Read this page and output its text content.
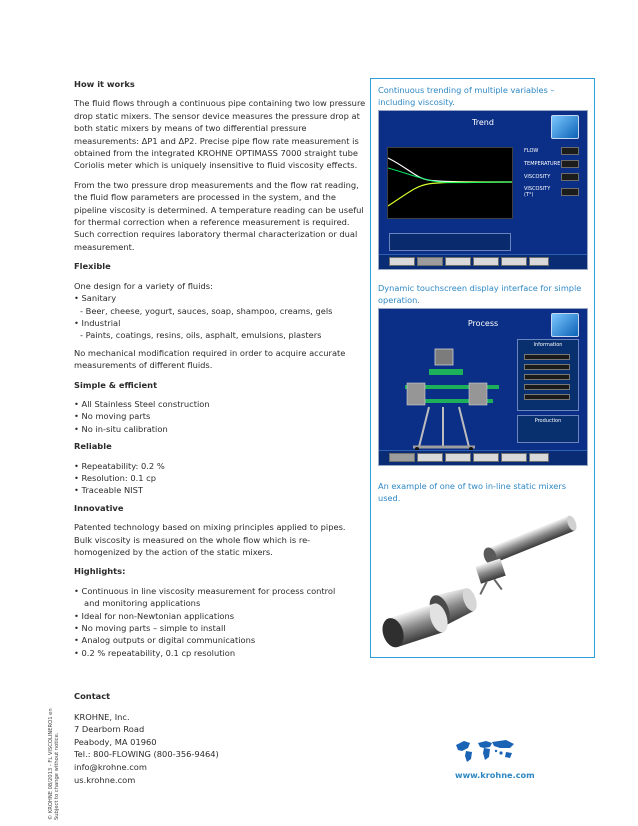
How it works
The fluid flows through a continuous pipe containing two low pressure drop static mixers. The sensor device measures the pressure drop at both static mixers by means of two differential pressure measurements: ΔP1 and ΔP2. Precise pipe flow rate measurement is obtained from the integrated KROHNE OPTIMASS 7000 straight tube Coriolis meter which is uniquely insensitive to fluid viscosity effects.
From the two pressure drop measurements and the flow rat reading, the fluid flow parameters are processed in the system, and the pipeline viscosity is determined. A temperature reading can be useful for thermal correction when a reference measurement is required. Such correction requires laboratory thermal characterization or dual measurement.
Flexible
One design for a variety of fluids:
• Sanitary
- Beer, cheese, yogurt, sauces, soap, shampoo, creams, gels
• Industrial
- Paints, coatings, resins, oils, asphalt, emulsions, plasters
No mechanical modification required in order to acquire accurate measurements of different fluids.
Simple & efficient
• All Stainless Steel construction
• No moving parts
• No in-situ calibration
Reliable
• Repeatability: 0.2 %
• Resolution: 0.1 cp
• Traceable NIST
Innovative
Patented technology based on mixing principles applied to pipes. Bulk viscosity is measured on the whole flow which is re-homogenized by the action of the static mixers.
Highlights:
• Continuous in line viscosity measurement for process control
and monitoring applications
• Ideal for non-Newtonian applications
• No moving parts – simple to install
• Analog outputs or digital communications
• 0.2 % repeatability, 0.1 cp resolution
Continuous trending of multiple variables – including viscosity.
Trend
FLOW
TEMPERATURE
VISCOSITY
VISCOSITY (T°)
Dynamic touchscreen display interface for simple operation.
Process
Information
Production
An example of one of two in-line static mixers used.
Contact
KROHNE, Inc.
7 Dearborn Road
Peabody, MA 01960
Tel.: 800-FLOWING (800-356-9464)
info@krohne.com
us.krohne.com
© KROHNE 08/2013 - FL VISCOLINERO1 en Subject to change without notice.	www.krohne.com
